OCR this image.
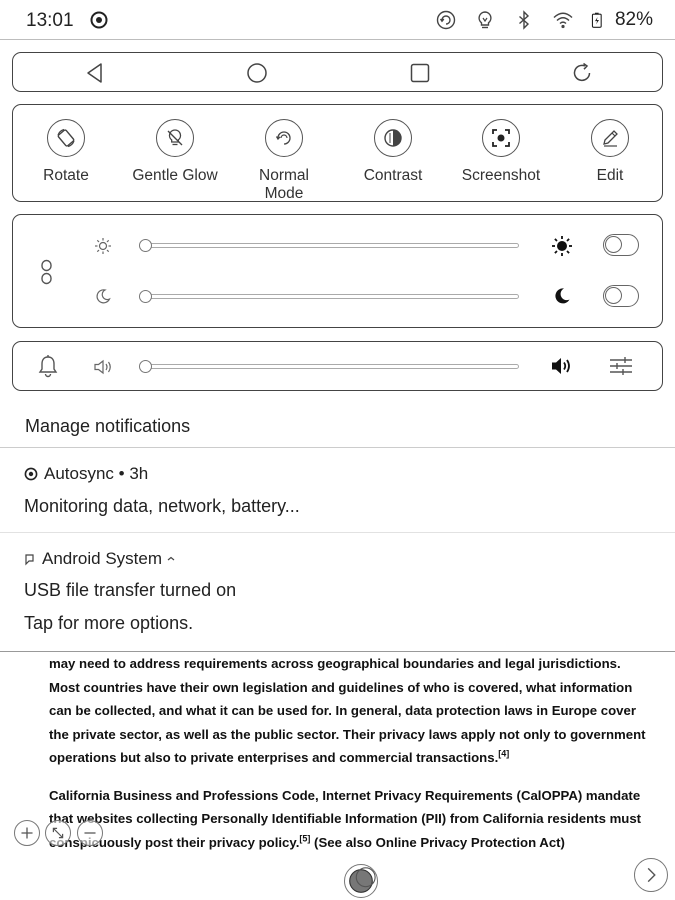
13:01	82%
Rotate	Gentle Glow	Normal
Mode
Contrast	Screenshot	Edit
Manage notifications
Autosync • 3h
Monitoring data, network, battery...
Android System
USB file transfer turned on
Tap for more options.

may need to address requirements across geographical boundaries and legal jurisdictions. Most countries have their own legislation and guidelines of who is covered, what information can be collected, and what it can be used for. In general, data protection laws in Europe cover the private sector, as well as the public sector. Their privacy laws apply not only to government operations but also to private enterprises and commercial transactions.[4]

California Business and Professions Code, Internet Privacy Requirements (CalOPPA) mandate that websites collecting Personally Identifiable Information (PII) from California residents must conspicuously post their privacy policy.[5] (See also Online Privacy Protection Act)
